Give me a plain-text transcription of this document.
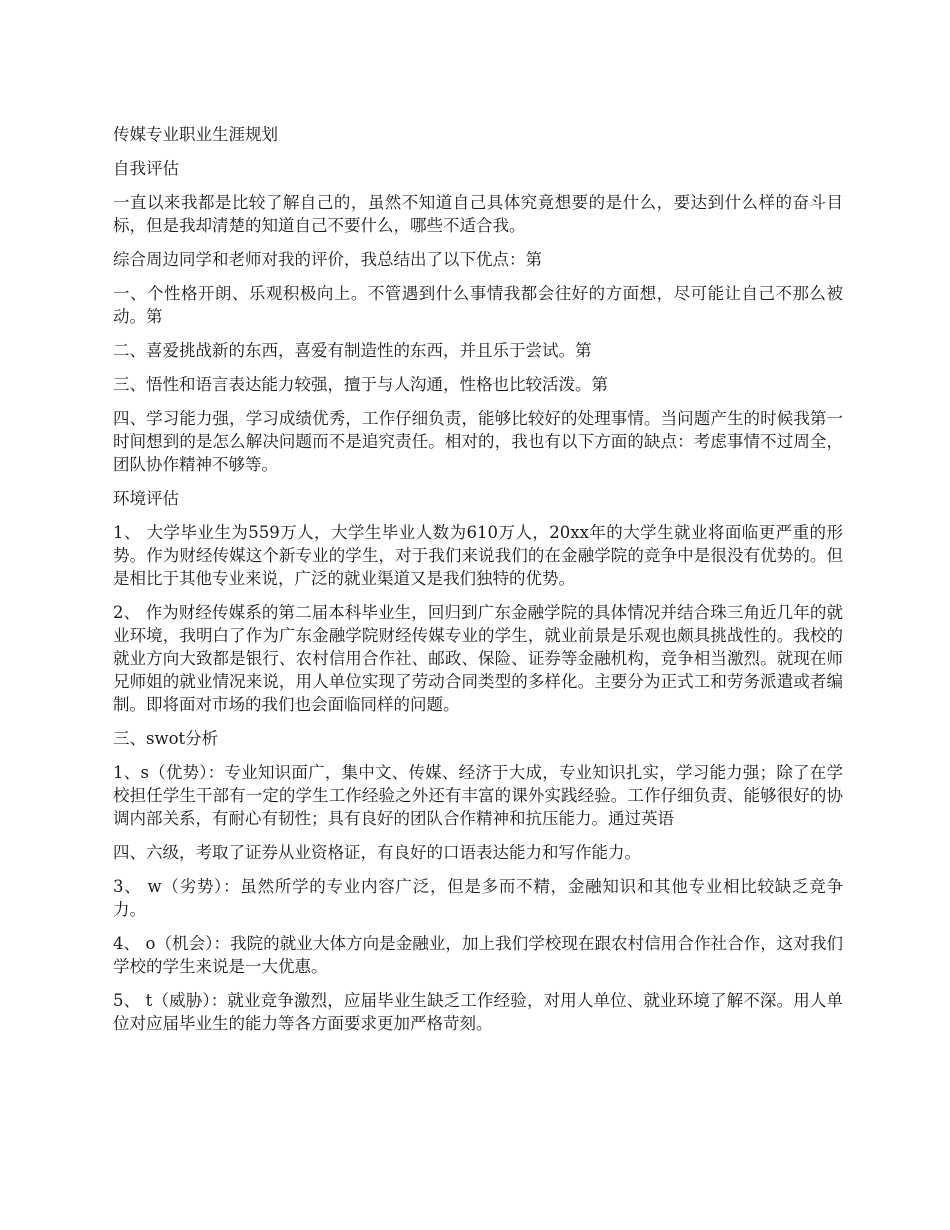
传媒专业职业生涯规划

自我评估

一直以来我都是比较了解自己的，虽然不知道自己具体究竟想要的是什么，要达到什么样的奋斗目标，但是我却清楚的知道自己不要什么，哪些不适合我。

综合周边同学和老师对我的评价，我总结出了以下优点：第

一、个性格开朗、乐观积极向上。不管遇到什么事情我都会往好的方面想，尽可能让自己不那么被动。第

二、喜爱挑战新的东西，喜爱有制造性的东西，并且乐于尝试。第

三、悟性和语言表达能力较强，擅于与人沟通，性格也比较活泼。第

四、学习能力强，学习成绩优秀，工作仔细负责，能够比较好的处理事情。当问题产生的时候我第一时间想到的是怎么解决问题而不是追究责任。相对的，我也有以下方面的缺点：考虑事情不过周全，团队协作精神不够等。

环境评估

1、 大学毕业生为559万人，大学生毕业人数为610万人，20xx年的大学生就业将面临更严重的形势。作为财经传媒这个新专业的学生，对于我们来说我们的在金融学院的竞争中是很没有优势的。但是相比于其他专业来说，广泛的就业渠道又是我们独特的优势。

2、 作为财经传媒系的第二届本科毕业生，回归到广东金融学院的具体情况并结合珠三角近几年的就业环境，我明白了作为广东金融学院财经传媒专业的学生，就业前景是乐观也颇具挑战性的。我校的就业方向大致都是银行、农村信用合作社、邮政、保险、证券等金融机构，竞争相当激烈。就现在师兄师姐的就业情况来说，用人单位实现了劳动合同类型的多样化。主要分为正式工和劳务派遣或者编制。即将面对市场的我们也会面临同样的问题。

三、swot分析

1、s（优势）：专业知识面广，集中文、传媒、经济于大成，专业知识扎实，学习能力强；除了在学校担任学生干部有一定的学生工作经验之外还有丰富的课外实践经验。工作仔细负责、能够很好的协调内部关系，有耐心有韧性；具有良好的团队合作精神和抗压能力。通过英语

四、六级，考取了证券从业资格证，有良好的口语表达能力和写作能力。

3、 w（劣势）：虽然所学的专业内容广泛，但是多而不精，金融知识和其他专业相比较缺乏竞争力。

4、 o（机会）：我院的就业大体方向是金融业，加上我们学校现在跟农村信用合作社合作，这对我们学校的学生来说是一大优惠。

5、 t（威胁）：就业竞争激烈，应届毕业生缺乏工作经验，对用人单位、就业环境了解不深。用人单位对应届毕业生的能力等各方面要求更加严格苛刻。
